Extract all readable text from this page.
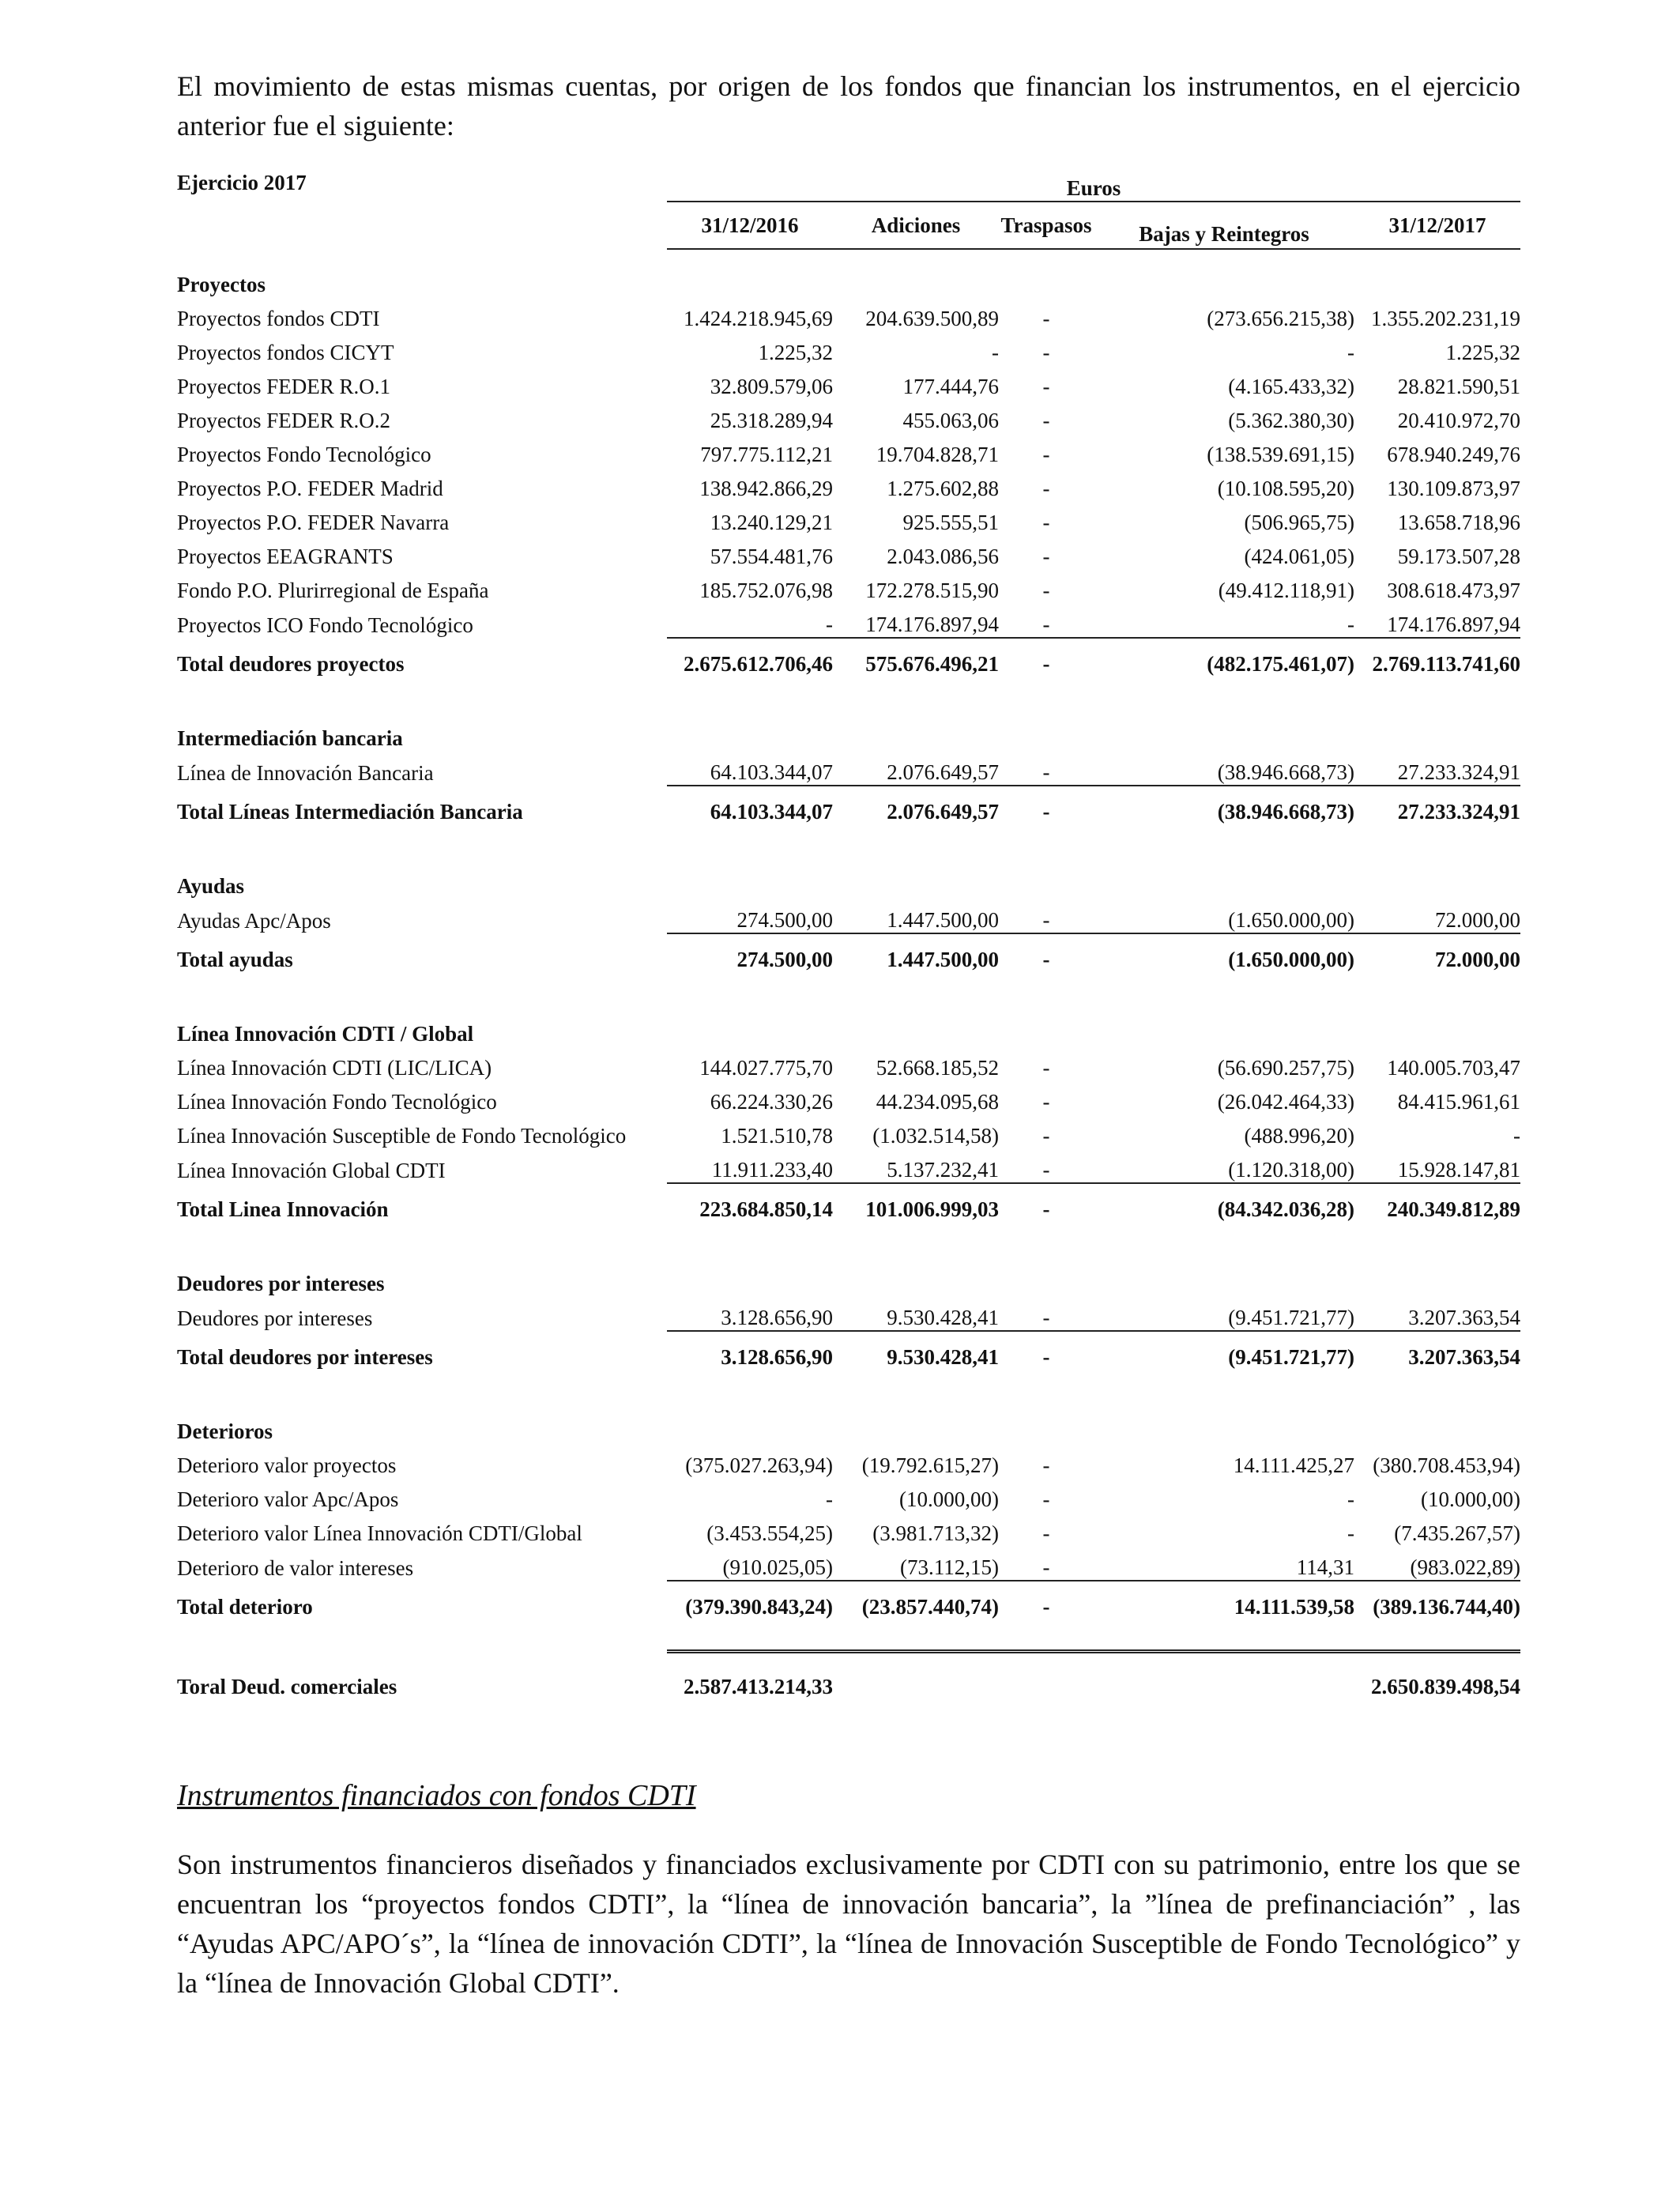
El movimiento de estas mismas cuentas, por origen de los fondos que financian los instrumentos, en el ejercicio anterior fue el siguiente:

Ejercicio 2017
		Euros				
	31/12/2016	Adiciones	Traspasos	Bajas y Reintegros	31/12/2017
Proyectos					
Proyectos fondos CDTI	1.424.218.945,69	204.639.500,89	-	(273.656.215,38)	1.355.202.231,19
Proyectos fondos CICYT	1.225,32	-	-	-	1.225,32
Proyectos FEDER R.O.1	32.809.579,06	177.444,76	-	(4.165.433,32)	28.821.590,51
Proyectos FEDER R.O.2	25.318.289,94	455.063,06	-	(5.362.380,30)	20.410.972,70
Proyectos Fondo Tecnológico	797.775.112,21	19.704.828,71	-	(138.539.691,15)	678.940.249,76
Proyectos P.O. FEDER Madrid	138.942.866,29	1.275.602,88	-	(10.108.595,20)	130.109.873,97
Proyectos P.O. FEDER Navarra	13.240.129,21	925.555,51	-	(506.965,75)	13.658.718,96
Proyectos EEAGRANTS	57.554.481,76	2.043.086,56	-	(424.061,05)	59.173.507,28
Fondo P.O. Plurirregional de España	185.752.076,98	172.278.515,90	-	(49.412.118,91)	308.618.473,97
Proyectos ICO Fondo Tecnológico	-	174.176.897,94	-	-	174.176.897,94
Total deudores proyectos	2.675.612.706,46	575.676.496,21	-	(482.175.461,07)	2.769.113.741,60

Intermediación bancaria					
Línea de Innovación Bancaria	64.103.344,07	2.076.649,57	-	(38.946.668,73)	27.233.324,91
Total Líneas Intermediación Bancaria	64.103.344,07	2.076.649,57	-	(38.946.668,73)	27.233.324,91

Ayudas					
Ayudas Apc/Apos	274.500,00	1.447.500,00	-	(1.650.000,00)	72.000,00
Total ayudas	274.500,00	1.447.500,00	-	(1.650.000,00)	72.000,00

Línea Innovación CDTI / Global					
Línea Innovación CDTI (LIC/LICA)	144.027.775,70	52.668.185,52	-	(56.690.257,75)	140.005.703,47
Línea Innovación Fondo Tecnológico	66.224.330,26	44.234.095,68	-	(26.042.464,33)	84.415.961,61
Línea Innovación Susceptible de Fondo Tecnológico	1.521.510,78	(1.032.514,58)	-	(488.996,20)	-
Línea Innovación Global CDTI	11.911.233,40	5.137.232,41	-	(1.120.318,00)	15.928.147,81
Total Linea Innovación	223.684.850,14	101.006.999,03	-	(84.342.036,28)	240.349.812,89

Deudores por intereses					
Deudores por intereses	3.128.656,90	9.530.428,41	-	(9.451.721,77)	3.207.363,54
Total deudores por intereses	3.128.656,90	9.530.428,41	-	(9.451.721,77)	3.207.363,54

Deterioros					
Deterioro valor proyectos	(375.027.263,94)	(19.792.615,27)	-	14.111.425,27	(380.708.453,94)
Deterioro valor Apc/Apos	-	(10.000,00)	-	-	(10.000,00)
Deterioro valor Línea Innovación CDTI/Global	(3.453.554,25)	(3.981.713,32)	-	-	(7.435.267,57)
Deterioro de valor intereses	(910.025,05)	(73.112,15)	-	114,31	(983.022,89)
Total deterioro	(379.390.843,24)	(23.857.440,74)	-	14.111.539,58	(389.136.744,40)

Toral Deud. comerciales	2.587.413.214,33				2.650.839.498,54
Instrumentos financiados con fondos CDTI

Son instrumentos financieros diseñados y financiados exclusivamente por CDTI con su patrimonio, entre los que se encuentran los “proyectos fondos CDTI”, la “línea de innovación bancaria”, la ”línea de prefinanciación” , las “Ayudas APC/APO´s”, la “línea de innovación CDTI”, la “línea de Innovación Susceptible de Fondo Tecnológico” y la “línea de Innovación Global CDTI”.
